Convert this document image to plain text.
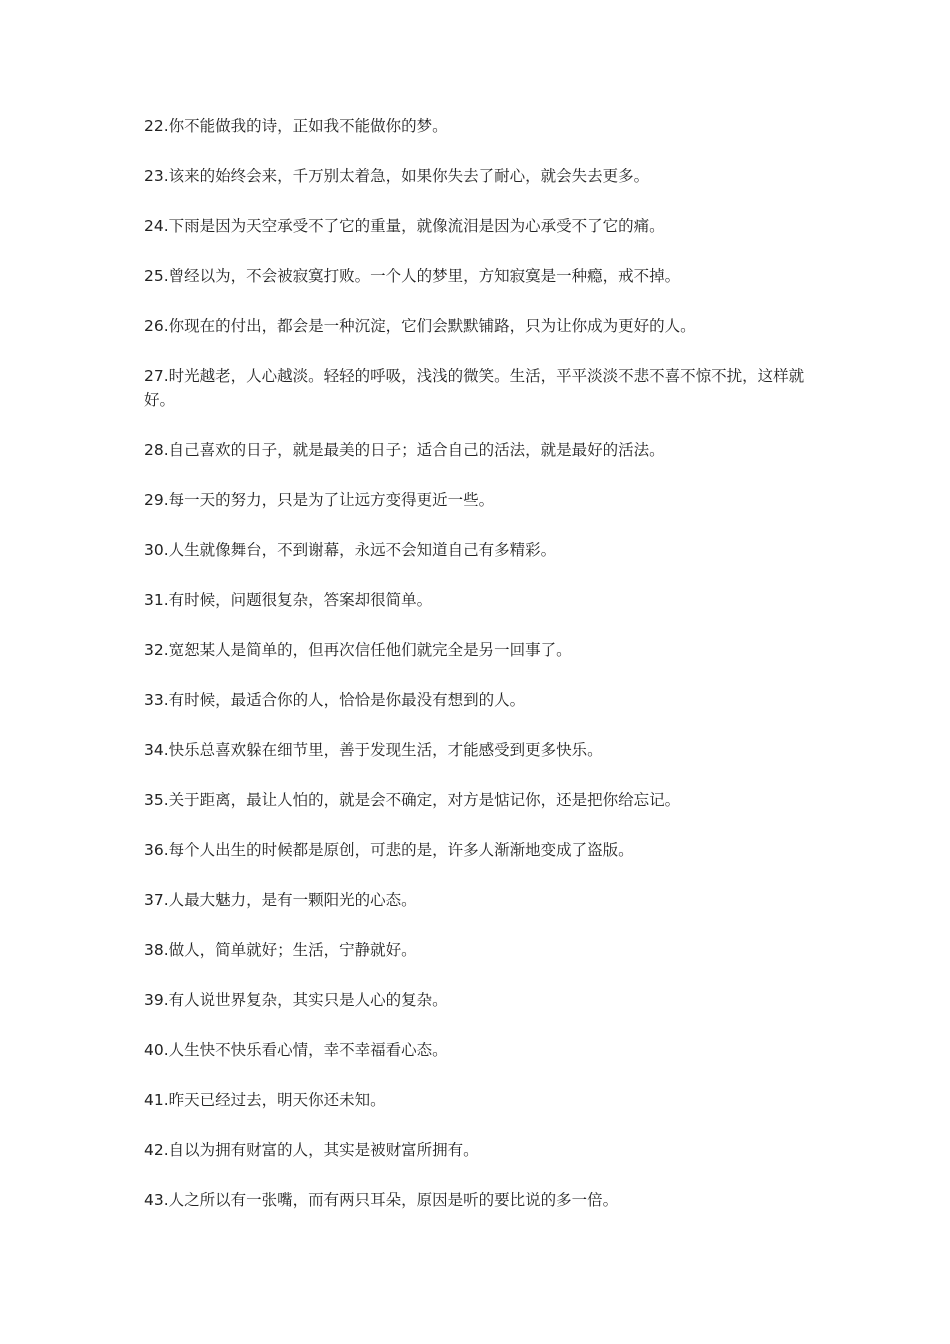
22.你不能做我的诗，正如我不能做你的梦。

23.该来的始终会来，千万别太着急，如果你失去了耐心，就会失去更多。

24.下雨是因为天空承受不了它的重量，就像流泪是因为心承受不了它的痛。

25.曾经以为，不会被寂寞打败。一个人的梦里，方知寂寞是一种瘾，戒不掉。

26.你现在的付出，都会是一种沉淀，它们会默默铺路，只为让你成为更好的人。

27.时光越老，人心越淡。轻轻的呼吸，浅浅的微笑。生活，平平淡淡不悲不喜不惊不扰，这样就好。

28.自己喜欢的日子，就是最美的日子；适合自己的活法，就是最好的活法。

29.每一天的努力，只是为了让远方变得更近一些。

30.人生就像舞台，不到谢幕，永远不会知道自己有多精彩。

31.有时候，问题很复杂，答案却很简单。

32.宽恕某人是简单的，但再次信任他们就完全是另一回事了。

33.有时候，最适合你的人，恰恰是你最没有想到的人。

34.快乐总喜欢躲在细节里，善于发现生活，才能感受到更多快乐。

35.关于距离，最让人怕的，就是会不确定，对方是惦记你，还是把你给忘记。

36.每个人出生的时候都是原创，可悲的是，许多人渐渐地变成了盗版。

37.人最大魅力，是有一颗阳光的心态。

38.做人，简单就好；生活，宁静就好。

39.有人说世界复杂，其实只是人心的复杂。

40.人生快不快乐看心情，幸不幸福看心态。

41.昨天已经过去，明天你还未知。

42.自以为拥有财富的人，其实是被财富所拥有。

43.人之所以有一张嘴，而有两只耳朵，原因是听的要比说的多一倍。
